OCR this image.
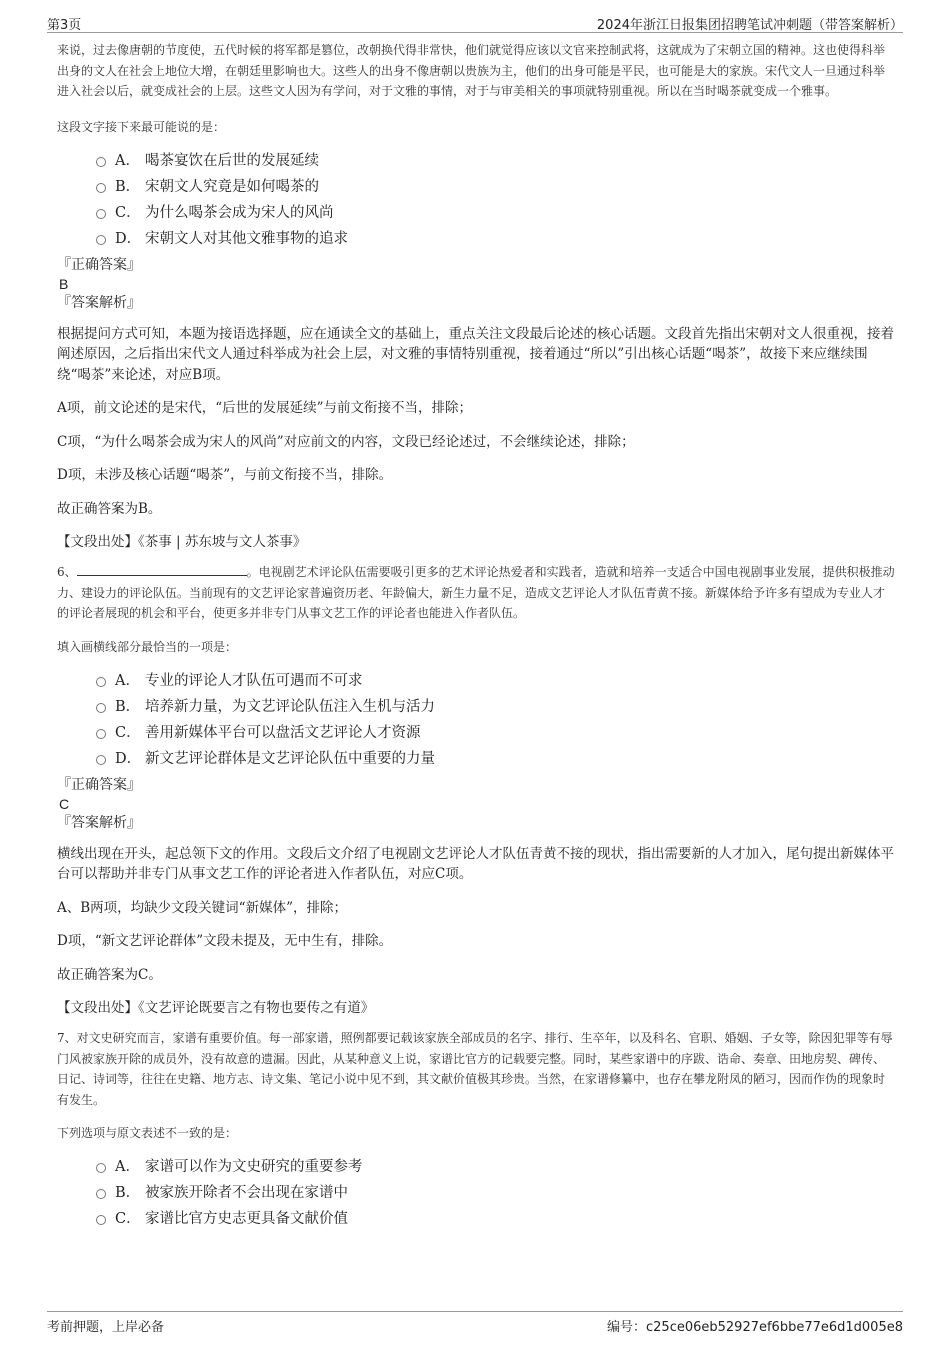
第3页	2024年浙江日报集团招聘笔试冲刺题（带答案解析）

来说，过去像唐朝的节度使，五代时候的将军都是篡位，改朝换代得非常快，他们就觉得应该以文官来控制武将，这就成为了宋朝立国的精神。这也使得科举出身的文人在社会上地位大增，在朝廷里影响也大。这些人的出身不像唐朝以贵族为主，他们的出身可能是平民，也可能是大的家族。宋代文人一旦通过科举进入社会以后，就变成社会的上层。这些文人因为有学问，对于文雅的事情，对于与审美相关的事项就特别重视。所以在当时喝茶就变成一个雅事。

这段文字接下来最可能说的是：

A． 喝茶宴饮在后世的发展延续
B． 宋朝文人究竟是如何喝茶的
C． 为什么喝茶会成为宋人的风尚
D． 宋朝文人对其他文雅事物的追求

『正确答案』

B

『答案解析』

根据提问方式可知，本题为接语选择题，应在通读全文的基础上，重点关注文段最后论述的核心话题。文段首先指出宋朝对文人很重视，接着阐述原因，之后指出宋代文人通过科举成为社会上层，对文雅的事情特别重视，接着通过“所以”引出核心话题“喝茶”，故接下来应继续围绕“喝茶”来论述，对应B项。

A项，前文论述的是宋代，“后世的发展延续”与前文衔接不当，排除；

C项，“为什么喝茶会成为宋人的风尚”对应前文的内容，文段已经论述过，不会继续论述，排除；

D项，未涉及核心话题“喝茶”，与前文衔接不当，排除。

故正确答案为B。

【文段出处】《茶事 | 苏东坡与文人茶事》

6、	。电视剧艺术评论队伍需要吸引更多的艺术评论热爱者和实践者，造就和培养一支适合中国电视剧事业发展，提供积极推动力、建设力的评论队伍。当前现有的文艺评论家普遍资历老、年龄偏大，新生力量不足，造成文艺评论人才队伍青黄不接。新媒体给予许多有望成为专业人才的评论者展现的机会和平台，使更多并非专门从事文艺工作的评论者也能进入作者队伍。

填入画横线部分最恰当的一项是：

A． 专业的评论人才队伍可遇而不可求
B． 培养新力量，为文艺评论队伍注入生机与活力
C． 善用新媒体平台可以盘活文艺评论人才资源
D． 新文艺评论群体是文艺评论队伍中重要的力量

『正确答案』

C

『答案解析』

横线出现在开头，起总领下文的作用。文段后文介绍了电视剧文艺评论人才队伍青黄不接的现状，指出需要新的人才加入，尾句提出新媒体平台可以帮助并非专门从事文艺工作的评论者进入作者队伍，对应C项。

A、B两项，均缺少文段关键词“新媒体”，排除；

D项，“新文艺评论群体”文段未提及，无中生有，排除。

故正确答案为C。

【文段出处】《文艺评论既要言之有物也要传之有道》

7、对文史研究而言，家谱有重要价值。每一部家谱，照例都要记载该家族全部成员的名字、排行、生卒年，以及科名、官职、婚姻、子女等，除因犯罪等有辱门风被家族开除的成员外，没有故意的遗漏。因此，从某种意义上说，家谱比官方的记载要完整。同时，某些家谱中的序跋、诰命、奏章、田地房契、碑传、日记、诗词等，往往在史籍、地方志、诗文集、笔记小说中见不到，其文献价值极其珍贵。当然，在家谱修纂中，也存在攀龙附凤的陋习，因而作伪的现象时有发生。

下列选项与原文表述不一致的是：

A． 家谱可以作为文史研究的重要参考
B． 被家族开除者不会出现在家谱中
C． 家谱比官方史志更具备文献价值
考前押题，上岸必备	编号：c25ce06eb52927ef6bbe77e6d1d005e8
